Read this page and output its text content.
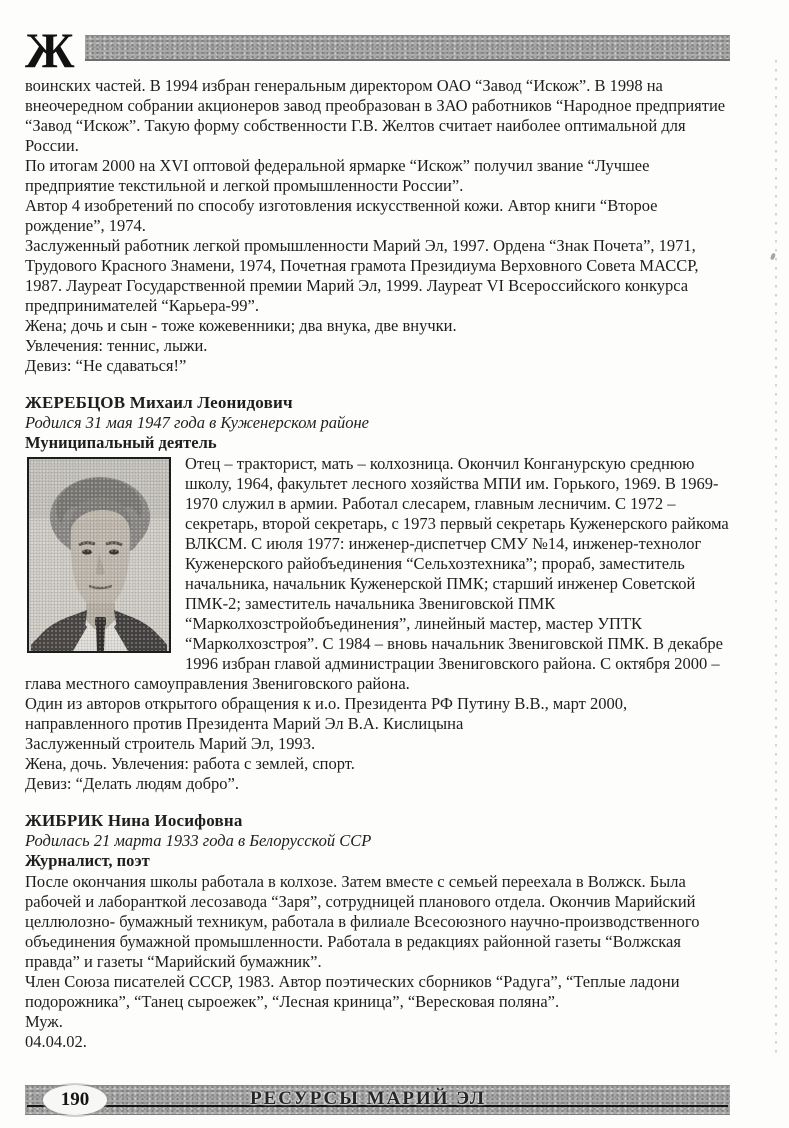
Ж

воинских частей. В 1994 избран генеральным директором ОАО “Завод “Искож”. В 1998 на внеочередном собрании акционеров завод преобразован в ЗАО работников “Народное предприятие “Завод “Искож”. Такую форму собственности Г.В. Желтов считает наиболее оптимальной для России.

По итогам 2000 на XVI оптовой федеральной ярмарке “Искож” получил звание “Лучшее предприятие текстильной и легкой промышленности России”.

Автор 4 изобретений по способу изготовления искусственной кожи. Автор книги “Второе рождение”, 1974.

Заслуженный работник легкой промышленности Марий Эл, 1997. Ордена “Знак Почета”, 1971, Трудового Красного Знамени, 1974, Почетная грамота Президиума Верховного Совета МАССР, 1987. Лауреат Государственной премии Марий Эл, 1999. Лауреат VI Всероссийского конкурса предпринимателей “Карьера-99”.

Жена; дочь и сын - тоже кожевенники; два внука, две внучки.

Увлечения: теннис, лыжи.

Девиз: “Не сдаваться!”

ЖЕРЕБЦОВ Михаил Леонидович

Родился 31 мая 1947 года в Куженерском районе

Муниципальный деятель

Отец – тракторист, мать – колхозница. Окончил Конганурскую среднюю школу, 1964, факультет лесного хозяйства МПИ им. Горького, 1969. В 1969-1970 служил в армии. Работал слесарем, главным лесничим. С 1972 – секретарь, второй секретарь, с 1973 первый секретарь Куженерского райкома ВЛКСМ. С июля 1977: инженер-диспетчер СМУ №14, инженер-технолог Куженерского райобъединения “Сельхозтехника”; прораб, заместитель начальника, начальник Куженерской ПМК; старший инженер Советской ПМК-2; заместитель начальника Звениговской ПМК “Марколхозстройобъединения”, линейный мастер, мастер УПТК “Марколхозстроя”. С 1984 – вновь начальник Звениговской ПМК. В декабре 1996 избран главой администрации Звениговского района. С октября 2000 – глава местного самоуправления Звениговского района.

Один из авторов открытого обращения к и.о. Президента РФ Путину В.В., март 2000, направленного против Президента Марий Эл В.А. Кислицына

Заслуженный строитель Марий Эл, 1993.

Жена, дочь. Увлечения: работа с землей, спорт.

Девиз: “Делать людям добро”.

ЖИБРИК Нина Иосифовна

Родилась 21 марта 1933 года в Белорусской ССР

Журналист, поэт

После окончания школы работала в колхозе. Затем вместе с семьей переехала в Волжск. Была рабочей и лаборанткой лесозавода “Заря”, сотрудницей планового отдела. Окончив Марийский целлюлозно- бумажный техникум, работала в филиале Всесоюзного научно-производственного объединения бумажной промышленности. Работала в редакциях районной газеты “Волжская правда” и газеты “Марийский бумажник”.

Член Союза писателей СССР, 1983. Автор поэтических сборников “Радуга”, “Теплые ладони подорожника”, “Танец сыроежек”, “Лесная криница”, “Вересковая поляна”.

Муж.

04.04.02.

190	РЕСУРСЫ МАРИЙ ЭЛ
